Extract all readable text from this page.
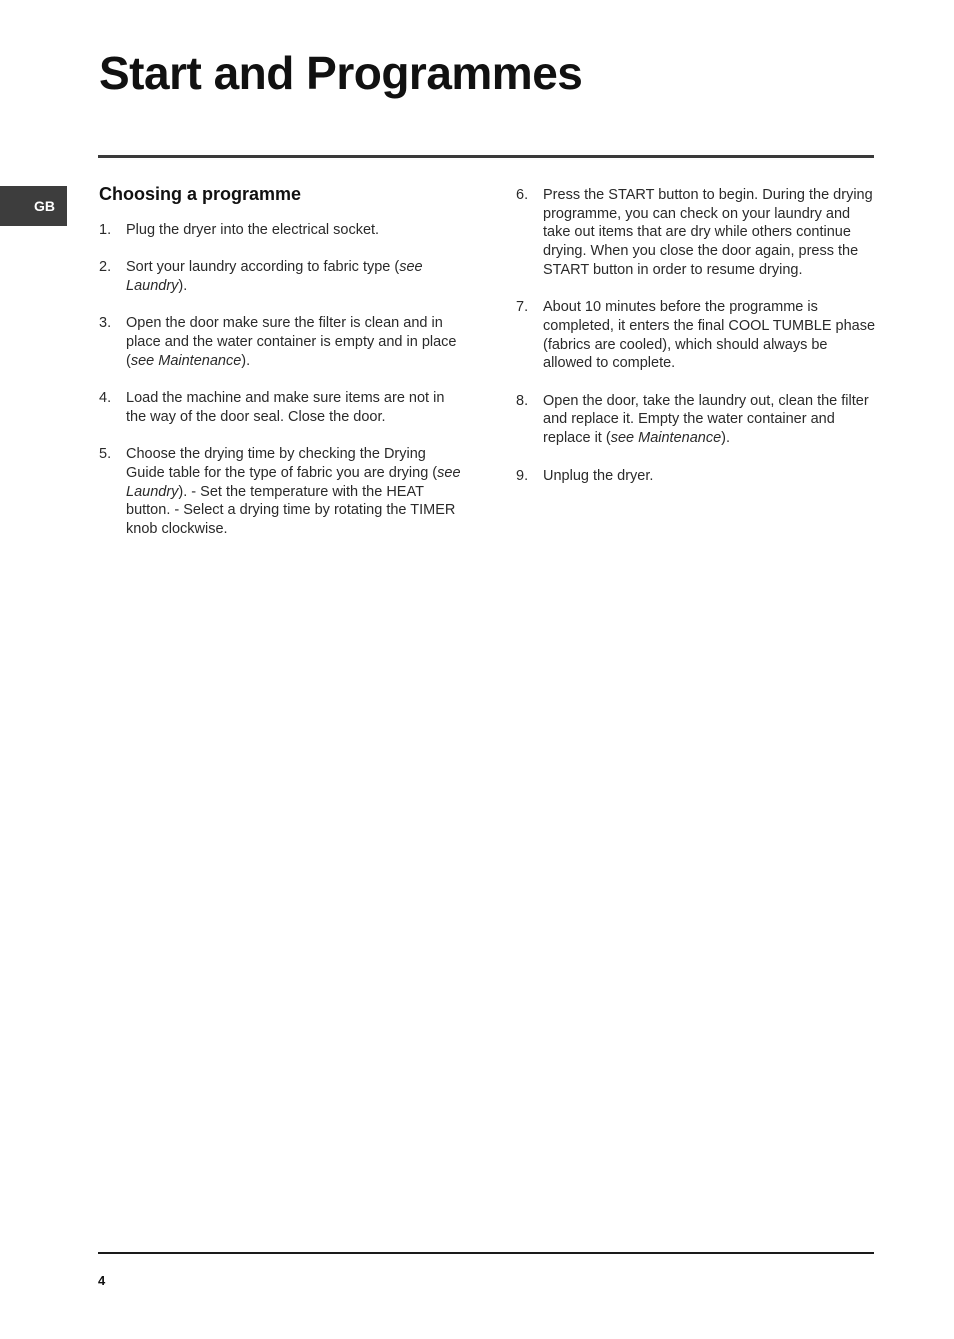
Start and Programmes
GB
Choosing a programme
1.	Plug the dryer into the electrical socket.
2.	Sort your laundry according to fabric type (see Laundry).
3.	Open the door make sure the filter is clean and in place and the water container is empty and in place (see Maintenance).
4.	Load the machine and make sure items are not in the way of the door seal. Close the door.
5.	Choose the drying time by checking the Drying Guide table for the type of fabric you are drying (see Laundry). - Set the temperature with the HEAT button. - Select a drying time by rotating the TIMER knob clockwise.
6.	Press the START button to begin. During the drying programme, you can check on your laundry and take out items that are dry while others continue drying. When you close the door again, press the START button in order to resume drying.
7.	About 10 minutes before the programme is completed, it enters the final COOL TUMBLE phase (fabrics are cooled), which should always be allowed to complete.
8.	Open the door, take the laundry out, clean the filter and replace it. Empty the water container and replace it (see Maintenance).
9.	Unplug the dryer.
4
